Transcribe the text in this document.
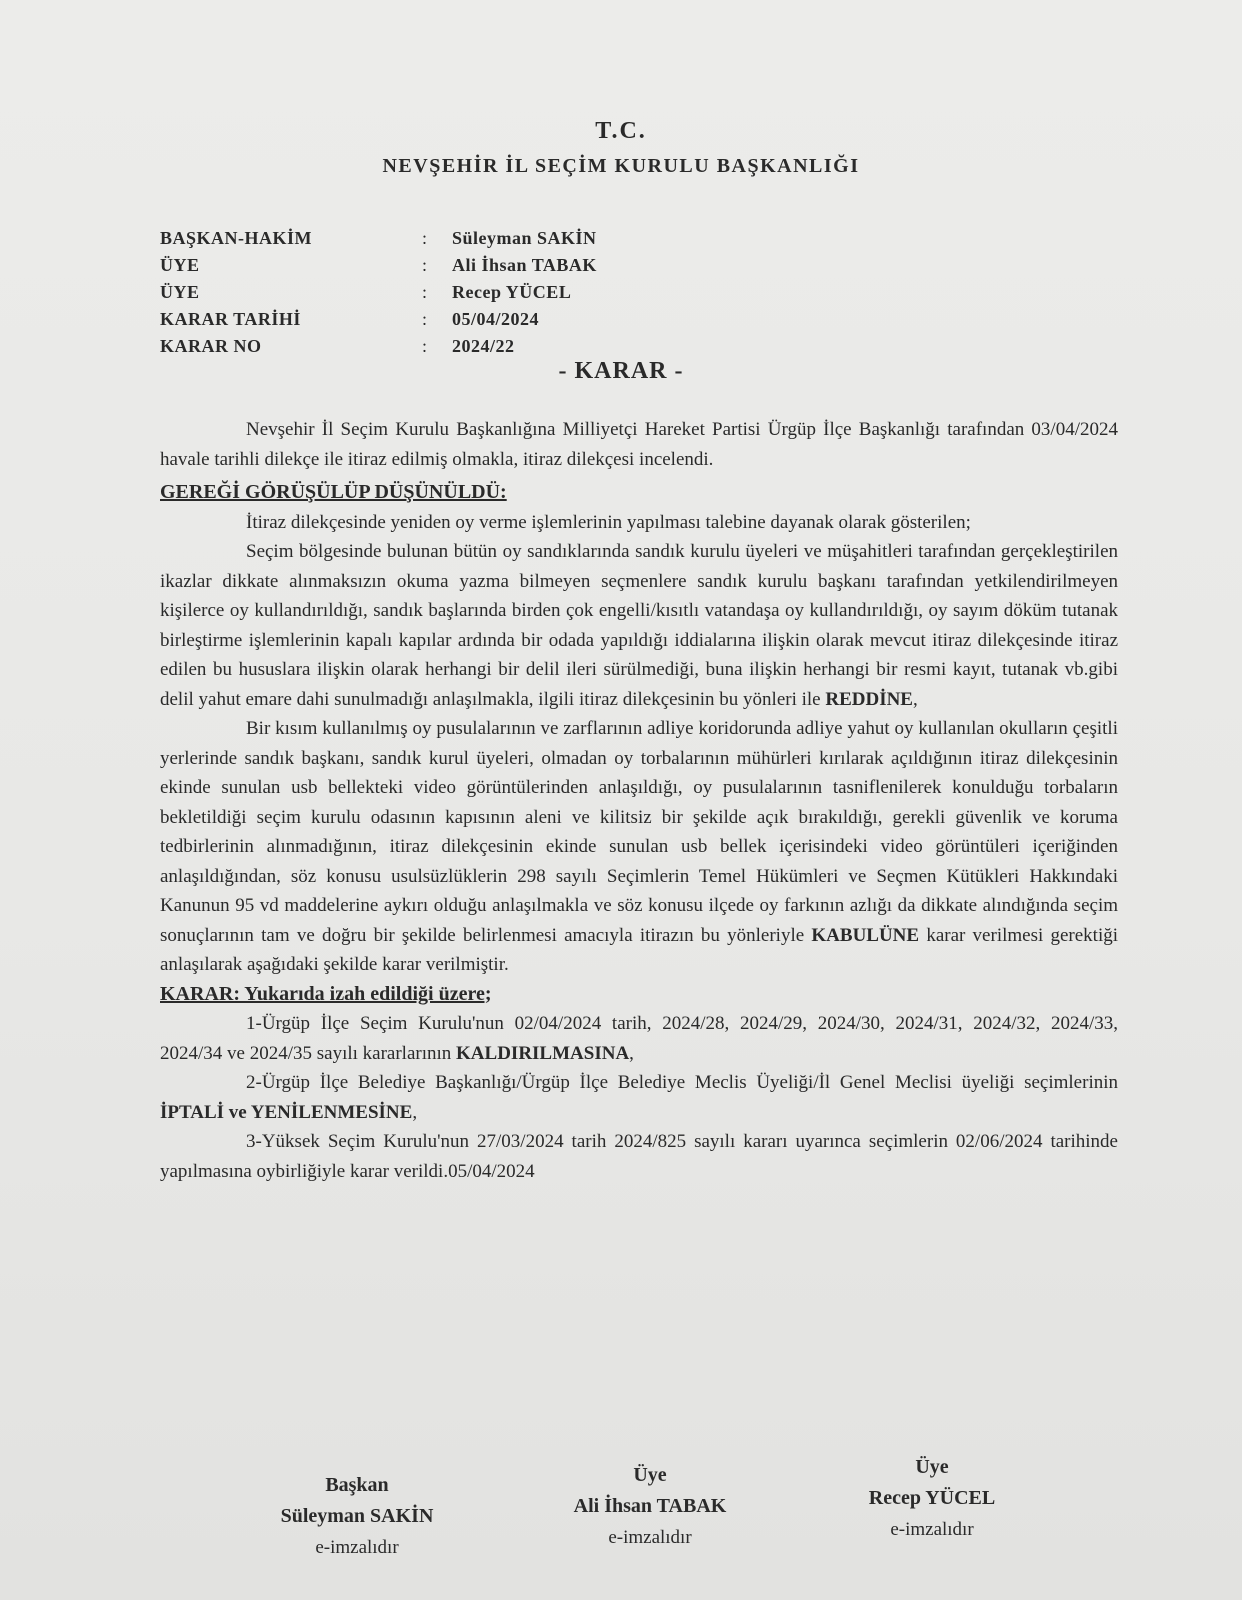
T.C.
NEVŞEHİR İL SEÇİM KURULU BAŞKANLIĞI
BAŞKAN-HAKİM	:	Süleyman SAKİN
ÜYE	:	Ali İhsan TABAK
ÜYE	:	Recep YÜCEL
KARAR TARİHİ	:	05/04/2024
KARAR NO	:	2024/22
- KARAR -

Nevşehir İl Seçim Kurulu Başkanlığına Milliyetçi Hareket Partisi Ürgüp İlçe Başkanlığı tarafından 03/04/2024 havale tarihli dilekçe ile itiraz edilmiş olmakla, itiraz dilekçesi incelendi.

GEREĞİ GÖRÜŞÜLÜP DÜŞÜNÜLDÜ:

İtiraz dilekçesinde yeniden oy verme işlemlerinin yapılması talebine dayanak olarak gösterilen;

Seçim bölgesinde bulunan bütün oy sandıklarında sandık kurulu üyeleri ve müşahitleri tarafından gerçekleştirilen ikazlar dikkate alınmaksızın okuma yazma bilmeyen seçmenlere sandık kurulu başkanı tarafından yetkilendirilmeyen kişilerce oy kullandırıldığı, sandık başlarında birden çok engelli/kısıtlı vatandaşa oy kullandırıldığı, oy sayım döküm tutanak birleştirme işlemlerinin kapalı kapılar ardında bir odada yapıldığı iddialarına ilişkin olarak mevcut itiraz dilekçesinde itiraz edilen bu hususlara ilişkin olarak herhangi bir delil ileri sürülmediği, buna ilişkin herhangi bir resmi kayıt, tutanak vb.gibi delil yahut emare dahi sunulmadığı anlaşılmakla, ilgili itiraz dilekçesinin bu yönleri ile REDDİNE,

Bir kısım kullanılmış oy pusulalarının ve zarflarının adliye koridorunda adliye yahut oy kullanılan okulların çeşitli yerlerinde sandık başkanı, sandık kurul üyeleri, olmadan oy torbalarının mühürleri kırılarak açıldığının itiraz dilekçesinin ekinde sunulan usb bellekteki video görüntülerinden anlaşıldığı, oy pusulalarının tasniflenilerek konulduğu torbaların bekletildiği seçim kurulu odasının kapısının aleni ve kilitsiz bir şekilde açık bırakıldığı, gerekli güvenlik ve koruma tedbirlerinin alınmadığının, itiraz dilekçesinin ekinde sunulan usb bellek içerisindeki video görüntüleri içeriğinden anlaşıldığından, söz konusu usulsüzlüklerin 298 sayılı Seçimlerin Temel Hükümleri ve Seçmen Kütükleri Hakkındaki Kanunun 95 vd maddelerine aykırı olduğu anlaşılmakla ve söz konusu ilçede oy farkının azlığı da dikkate alındığında seçim sonuçlarının tam ve doğru bir şekilde belirlenmesi amacıyla itirazın bu yönleriyle KABULÜNE karar verilmesi gerektiği anlaşılarak aşağıdaki şekilde karar verilmiştir.

KARAR: Yukarıda izah edildiği üzere;

1-Ürgüp İlçe Seçim Kurulu'nun 02/04/2024 tarih, 2024/28, 2024/29, 2024/30, 2024/31, 2024/32, 2024/33, 2024/34 ve 2024/35 sayılı kararlarının KALDIRILMASINA,

2-Ürgüp İlçe Belediye Başkanlığı/Ürgüp İlçe Belediye Meclis Üyeliği/İl Genel Meclisi üyeliği seçimlerinin İPTALİ ve YENİLENMESİNE,

3-Yüksek Seçim Kurulu'nun 27/03/2024 tarih 2024/825 sayılı kararı uyarınca seçimlerin 02/06/2024 tarihinde yapılmasına oybirliğiyle karar verildi.05/04/2024

Başkan
Süleyman SAKİN
e-imzalıdır
Üye
Ali İhsan TABAK
e-imzalıdır
Üye
Recep YÜCEL
e-imzalıdır
